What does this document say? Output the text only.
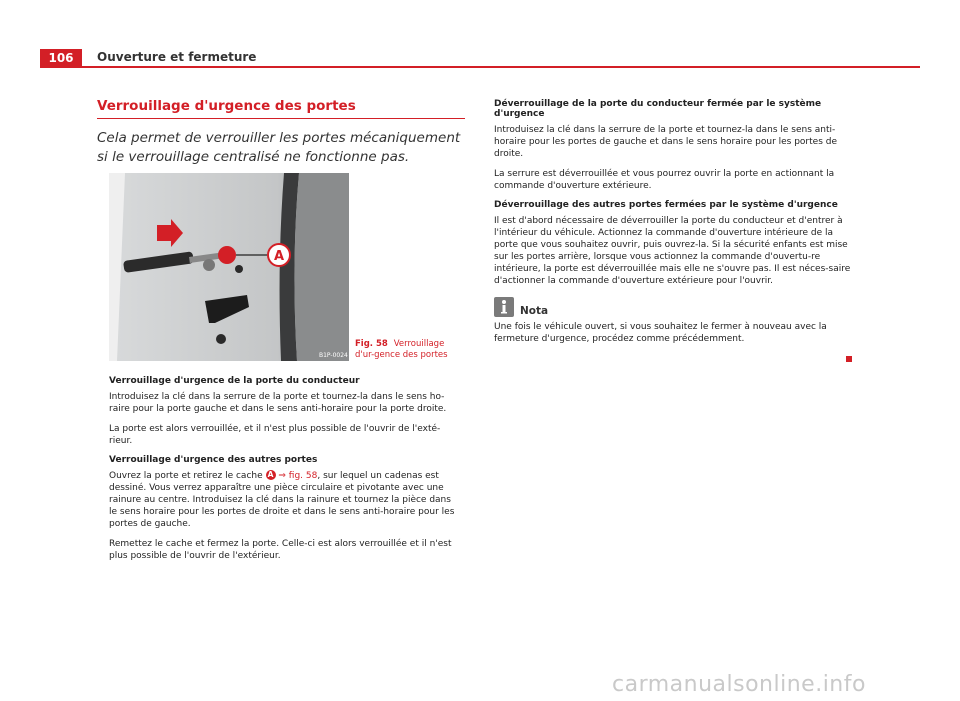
106	Ouverture et fermeture
Verrouillage d'urgence des portes

Cela permet de verrouiller les portes mécaniquement si le verrouillage centralisé ne fonctionne pas.

A
B1P-0024
Fig. 58 Verrouillage d'ur-gence des portes
Verrouillage d'urgence de la porte du conducteur

Introduisez la clé dans la serrure de la porte et tournez-la dans le sens ho-raire pour la porte gauche et dans le sens anti-horaire pour la porte droite.

La porte est alors verrouillée, et il n'est plus possible de l'ouvrir de l'exté-rieur.

Verrouillage d'urgence des autres portes

Ouvrez la porte et retirez le cache A ⇒ fig. 58, sur lequel un cadenas est dessiné. Vous verrez apparaître une pièce circulaire et pivotante avec une rainure au centre. Introduisez la clé dans la rainure et tournez la pièce dans le sens horaire pour les portes de droite et dans le sens anti-horaire pour les portes de gauche.

Remettez le cache et fermez la porte. Celle-ci est alors verrouillée et il n'est plus possible de l'ouvrir de l'extérieur.

Déverrouillage de la porte du conducteur fermée par le système d'urgence

Introduisez la clé dans la serrure de la porte et tournez-la dans le sens anti-horaire pour les portes de gauche et dans le sens horaire pour les portes de droite.

La serrure est déverrouillée et vous pourrez ouvrir la porte en actionnant la commande d'ouverture extérieure.

Déverrouillage des autres portes fermées par le système d'urgence

Il est d'abord nécessaire de déverrouiller la porte du conducteur et d'entrer à l'intérieur du véhicule. Actionnez la commande d'ouverture intérieure de la porte que vous souhaitez ouvrir, puis ouvrez-la. Si la sécurité enfants est mise sur les portes arrière, lorsque vous actionnez la commande d'ouvertu-re intérieure, la porte est déverrouillée mais elle ne s'ouvre pas. Il est néces-saire d'actionner la commande d'ouverture extérieure pour l'ouvrir.

Nota

Une fois le véhicule ouvert, si vous souhaitez le fermer à nouveau avec la fermeture d'urgence, procédez comme précédemment.

carmanualsonline.info
